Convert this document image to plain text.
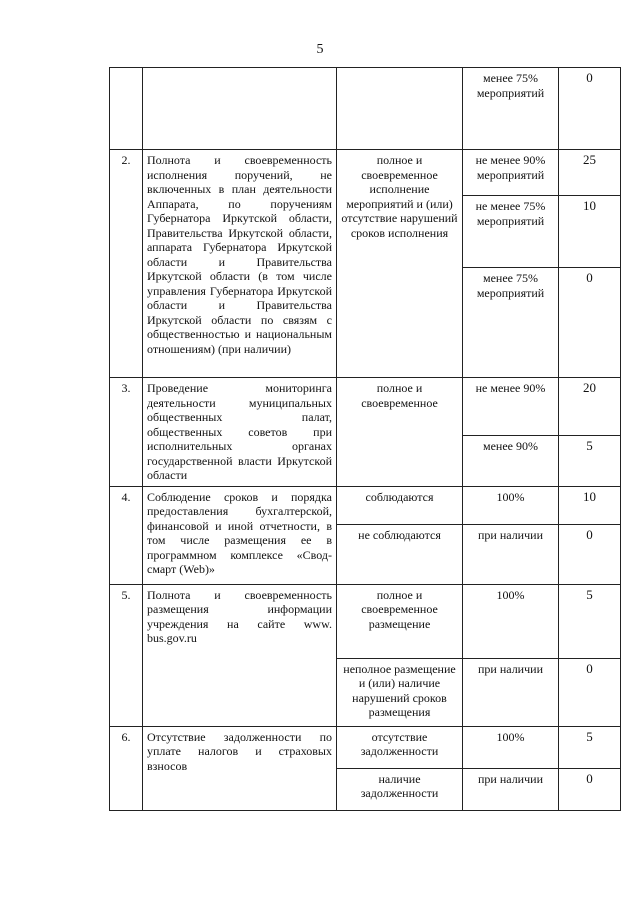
5
			менее 75% мероприятий	0
2.	Полнота и своевременность исполнения поручений, не включенных в план деятельности Аппарата, по поручениям Губернатора Иркутской области, Правительства Иркутской области, аппарата Губернатора Иркутской области и Правительства Иркутской области (в том числе управления Губернатора Иркутской области и Правительства Иркутской области по связям с общественностью и национальным отношениям) (при наличии)	полное и своевременное исполнение мероприятий и (или) отсутствие нарушений сроков исполнения	не менее 90% мероприятий	25
			не менее 75% мероприятий	10
			менее 75% мероприятий	0
3.	Проведение мониторинга деятельности муниципальных общественных палат, общественных советов при исполнительных органах государственной власти Иркутской области	полное и своевременное	не менее 90%	20
			менее 90%	5
4.	Соблюдение сроков и порядка предоставления бухгалтерской, финансовой и иной отчетности, в том числе размещения ее в программном комплексе «Свод-смарт (Web)»	соблюдаются	100%	10
		не соблюдаются	при наличии	0
5.	Полнота и своевременность размещения информации учреждения на сайте www. bus.gov.ru	полное и своевременное размещение	100%	5
		неполное размещение и (или) наличие нарушений сроков размещения	при наличии	0
6.	Отсутствие задолженности по уплате налогов и страховых взносов	отсутствие задолженности	100%	5
		наличие задолженности	при наличии	0
